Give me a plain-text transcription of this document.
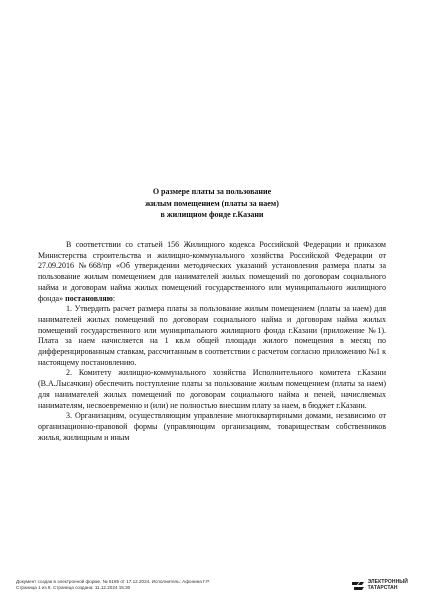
О размере платы за пользование
жилым помещением (платы за наем)
в жилищном фонде г.Казани

В соответствии со статьей 156 Жилищного кодекса Российской Федерации и приказом Министерства строительства и жилищно-коммунального хозяйства Российской Федерации от 27.09.2016 №668/пр «Об утверждении методических указаний установления размера платы за пользование жилым помещением для нанимателей жилых помещений по договорам социального найма и договорам найма жилых помещений государственного или муниципального жилищного фонда» постановляю:

1. Утвердить расчет размера платы за пользование жилым помещением (платы за наем) для нанимателей жилых помещений по договорам социального найма и договорам найма жилых помещений государственного или муниципального жилищного фонда г.Казани (приложение №1). Плата за наем начисляется на 1 кв.м общей площади жилого помещения в месяц по дифференцированным ставкам, рассчитанным в соответствии с расчетом согласно приложению №1 к настоящему постановлению.

2. Комитету жилищно-коммунального хозяйства Исполнительного комитета г.Казани (В.А.Лысачкин) обеспечить поступление платы за пользование жилым помещением (платы за наем) для нанимателей жилых помещений по договорам социального найма и пеней, начисляемых нанимателям, несвоевременно и (или) не полностью внесшим плату за наем, в бюджет г.Казани.

3. Организациям, осуществляющим управление многоквартирными домами, независимо от организационно-правовой формы (управляющим организациям, товариществам собственников жилья, жилищным и иным

Документ создан в электронной форме. № 5185 от 17.12.2024. Исполнитель: Афонина Г.Р.
Страница 1 из 8. Страница создана: 11.12.2024 15:30
ЭЛЕКТРОННЫЙ
ТАТАРСТАН
